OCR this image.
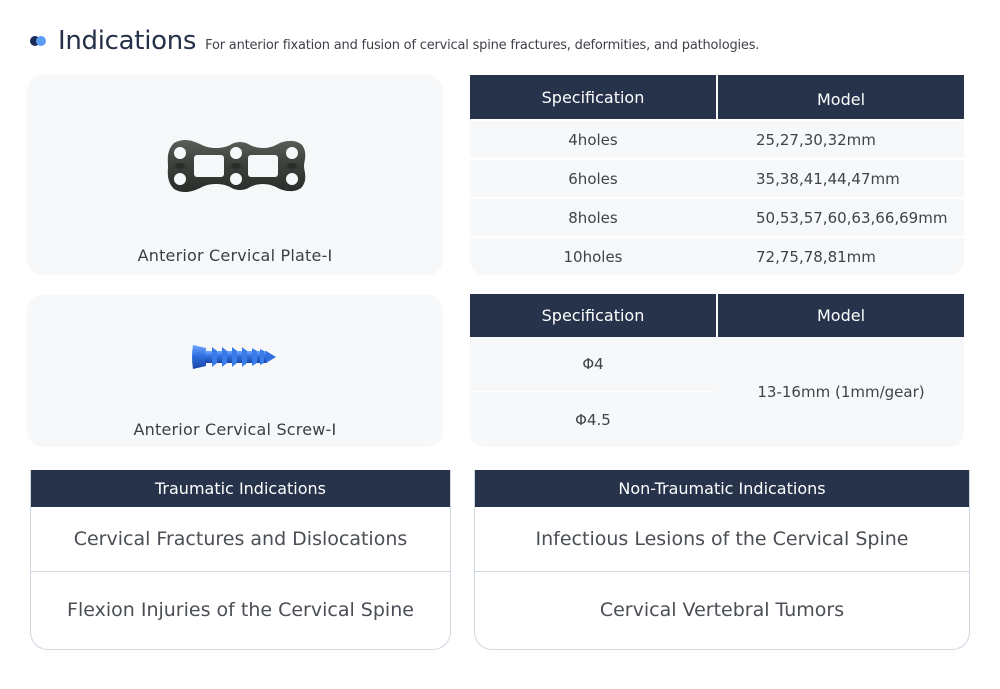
Indications For anterior fixation and fusion of cervical spine fractures, deformities, and pathologies.
Anterior Cervical Plate-I
Specification	Model
4holes	25,27,30,32mm
6holes	35,38,41,44,47mm
8holes	50,53,57,60,63,66,69mm
10holes	72,75,78,81mm
Anterior Cervical Screw-I
Specification	Model
Φ4
Φ4.5
13-16mm (1mm/gear)
Traumatic Indications
Cervical Fractures and Dislocations
Flexion Injuries of the Cervical Spine
Non-Traumatic Indications
Infectious Lesions of the Cervical Spine
Cervical Vertebral Tumors
